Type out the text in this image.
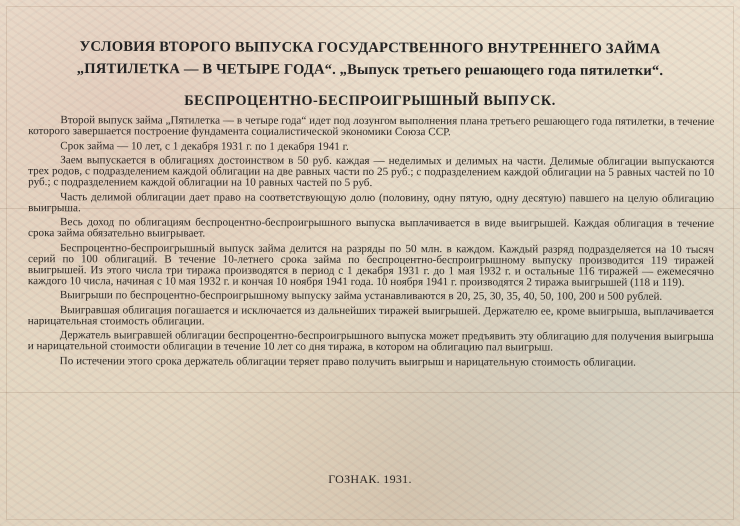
УСЛОВИЯ ВТОРОГО ВЫПУСКА ГОСУДАРСТВЕННОГО ВНУТРЕННЕГО ЗАЙМА
„ПЯТИЛЕТКА — В ЧЕТЫРЕ ГОДА“. „Выпуск третьего решающего года пятилетки“.
БЕСПРОЦЕНТНО-БЕСПРОИГРЫШНЫЙ ВЫПУСК.

Второй выпуск займа „Пятилетка — в четыре года“ идет под лозунгом выполнения плана третьего решающего года пятилетки, в течение которого завершается построение фундамента социалистической экономики Союза ССР.

Срок займа — 10 лет, с 1 декабря 1931 г. по 1 декабря 1941 г.

Заем выпускается в облигациях достоинством в 50 руб. каждая — неделимых и делимых на части. Делимые облигации выпускаются трех родов, с подразделением каждой облигации на две равных части по 25 руб.; с подразделением каждой облигации на 5 равных частей по 10 руб.; с подразделением каждой облигации на 10 равных частей по 5 руб.

Часть делимой облигации дает право на соответствующую долю (половину, одну пятую, одну десятую) павшего на целую облигацию выигрыша.

Весь доход по облигациям беспроцентно-беспроигрышного выпуска выплачивается в виде выигрышей. Каждая облигация в течение срока займа обязательно выигрывает.

Беспроцентно-беспроигрышный выпуск займа делится на разряды по 50 млн. в каждом. Каждый разряд подразделяется на 10 тысяч серий по 100 облигаций. В течение 10-летнего срока займа по беспроцентно-беспроигрышному выпуску производится 119 тиражей выигрышей. Из этого числа три тиража производятся в период с 1 декабря 1931 г. до 1 мая 1932 г. и остальные 116 тиражей — ежемесячно каждого 10 числа, начиная с 10 мая 1932 г. и кончая 10 ноября 1941 года. 10 ноября 1941 г. производятся 2 тиража выигрышей (118 и 119).

Выигрыши по беспроцентно-беспроигрышному выпуску займа устанавливаются в 20, 25, 30, 35, 40, 50, 100, 200 и 500 рублей.

Выигравшая облигация погашается и исключается из дальнейших тиражей выигрышей. Держателю ее, кроме выигрыша, выплачивается нарицательная стоимость облигации.

Держатель выигравшей облигации беспроцентно-беспроигрышного выпуска может предъявить эту облигацию для получения выигрыша и нарицательной стоимости облигации в течение 10 лет со дня тиража, в котором на облигацию пал выигрыш.

По истечении этого срока держатель облигации теряет право получить выигрыш и нарицательную стоимость облигации.

ГОЗНАК. 1931.
